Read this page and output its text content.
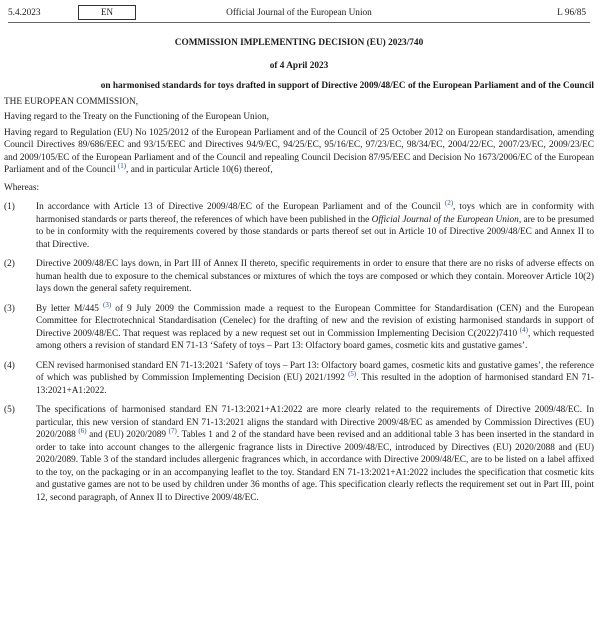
5.4.2023	EN	Official Journal of the European Union	L 96/85
COMMISSION IMPLEMENTING DECISION (EU) 2023/740
of 4 April 2023
on harmonised standards for toys drafted in support of Directive 2009/48/EC of the European Parliament and of the Council
THE EUROPEAN COMMISSION,
Having regard to the Treaty on the Functioning of the European Union,
Having regard to Regulation (EU) No 1025/2012 of the European Parliament and of the Council of 25 October 2012 on European standardisation, amending Council Directives 89/686/EEC and 93/15/EEC and Directives 94/9/EC, 94/25/EC, 95/16/EC, 97/23/EC, 98/34/EC, 2004/22/EC, 2007/23/EC, 2009/23/EC and 2009/105/EC of the European Parliament and of the Council and repealing Council Decision 87/95/EEC and Decision No 1673/2006/EC of the European Parliament and of the Council $^{(1)}$, and in particular Article 10(6) thereof,
Whereas:
(1) In accordance with Article 13 of Directive 2009/48/EC of the European Parliament and of the Council $^{(2)}$, toys which are in conformity with harmonised standards or parts thereof, the references of which have been published in the Official Journal of the European Union, are to be presumed to be in conformity with the requirements covered by those standards or parts thereof set out in Article 10 of Directive 2009/48/EC and Annex II to that Directive.
(2) Directive 2009/48/EC lays down, in Part III of Annex II thereto, specific requirements in order to ensure that there are no risks of adverse effects on human health due to exposure to the chemical substances or mixtures of which the toys are composed or which they contain. Moreover Article 10(2) lays down the general safety requirement.
(3) By letter M/445 $^{(3)}$ of 9 July 2009 the Commission made a request to the European Committee for Standardisation (CEN) and the European Committee for Electrotechnical Standardisation (Cenelec) for the drafting of new and the revision of existing harmonised standards in support of Directive 2009/48/EC. That request was replaced by a new request set out in Commission Implementing Decision C(2022)7410 $^{(4)}$, which requested among others a revision of standard EN 71-13 ‘Safety of toys – Part 13: Olfactory board games, cosmetic kits and gustative games’.
(4) CEN revised harmonised standard EN 71-13:2021 ‘Safety of toys – Part 13: Olfactory board games, cosmetic kits and gustative games’, the reference of which was published by Commission Implementing Decision (EU) 2021/1992 $^{(5)}$. This resulted in the adoption of harmonised standard EN 71-13:2021+A1:2022.
(5) The specifications of harmonised standard EN 71-13:2021+A1:2022 are more clearly related to the requirements of Directive 2009/48/EC. In particular, this new version of standard EN 71-13:2021 aligns the standard with Directive 2009/48/EC as amended by Commission Directives (EU) 2020/2088 $^{(6)}$ and (EU) 2020/2089 $^{(7)}$. Tables 1 and 2 of the standard have been revised and an additional table 3 has been inserted in the standard in order to take into account changes to the allergenic fragrance lists in Directive 2009/48/EC, introduced by Directives (EU) 2020/2088 and (EU) 2020/2089. Table 3 of the standard includes allergenic fragrances which, in accordance with Directive 2009/48/EC, are to be listed on a label affixed to the toy, on the packaging or in an accompanying leaflet to the toy. Standard EN 71-13:2021+A1:2022 includes the specification that cosmetic kits and gustative games are not to be used by children under 36 months of age. This specification clearly reflects the requirement set out in Part III, point 12, second paragraph, of Annex II to Directive 2009/48/EC.
